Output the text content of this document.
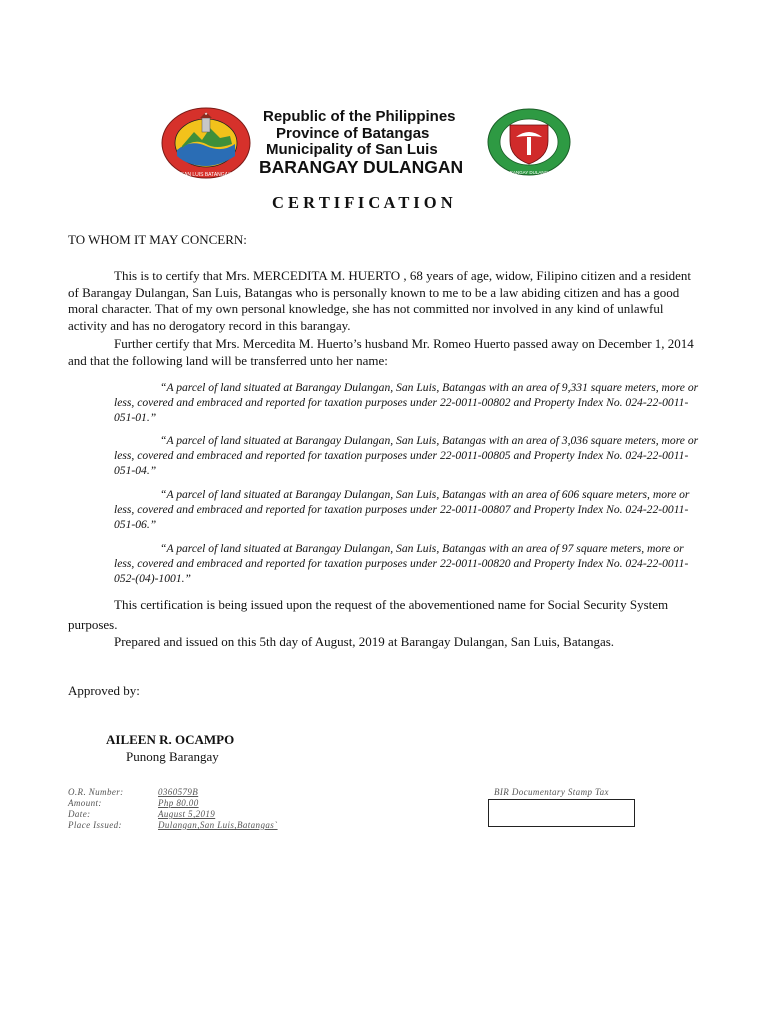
★
SAN LUIS BATANGAS
Republic of the Philippines
Province of Batangas
Municipality of San Luis
BARANGAY DULANGAN	BARANGAY DULANGAN
C E R T I F I C A T I O N
TO WHOM IT MAY CONCERN:
This is to certify that Mrs. MERCEDITA M. HUERTO , 68 years of age, widow, Filipino citizen and a resident of Barangay Dulangan, San Luis, Batangas who is personally known to me to be a law abiding citizen and has a good moral character. That of my own personal knowledge, she has not committed nor involved in any kind of unlawful activity and has no derogatory record in this barangay.
Further certify that Mrs. Mercedita M. Huerto’s husband Mr. Romeo Huerto passed away on December 1, 2014 and that the following land will be transferred unto her name:
“A parcel of land situated at Barangay Dulangan, San Luis, Batangas with an area of 9,331 square meters, more or less, covered and embraced and reported for taxation purposes under 22-0011-00802 and Property Index No. 024-22-0011-051-01.”
“A parcel of land situated at Barangay Dulangan, San Luis, Batangas with an area of 3,036 square meters, more or less, covered and embraced and reported for taxation purposes under 22-0011-00805 and Property Index No. 024-22-0011-051-04.”
“A parcel of land situated at Barangay Dulangan, San Luis, Batangas with an area of 606 square meters, more or less, covered and embraced and reported for taxation purposes under 22-0011-00807 and Property Index No. 024-22-0011-051-06.”
“A parcel of land situated at Barangay Dulangan, San Luis, Batangas with an area of 97 square meters, more or less, covered and embraced and reported for taxation purposes under 22-0011-00820 and Property Index No. 024-22-0011-052-(04)-1001.”
This certification is being issued upon the request of the abovementioned name for Social Security System purposes.
Prepared and issued on this 5th day of August, 2019 at Barangay Dulangan, San Luis, Batangas.
Approved by:
AILEEN R. OCAMPO
Punong Barangay
O.R. Number:	0360579B
Amount:	Php 80.00
Date:	August 5,2019
Place Issued:	Dulangan,San Luis,Batangas`
BIR Documentary Stamp Tax
